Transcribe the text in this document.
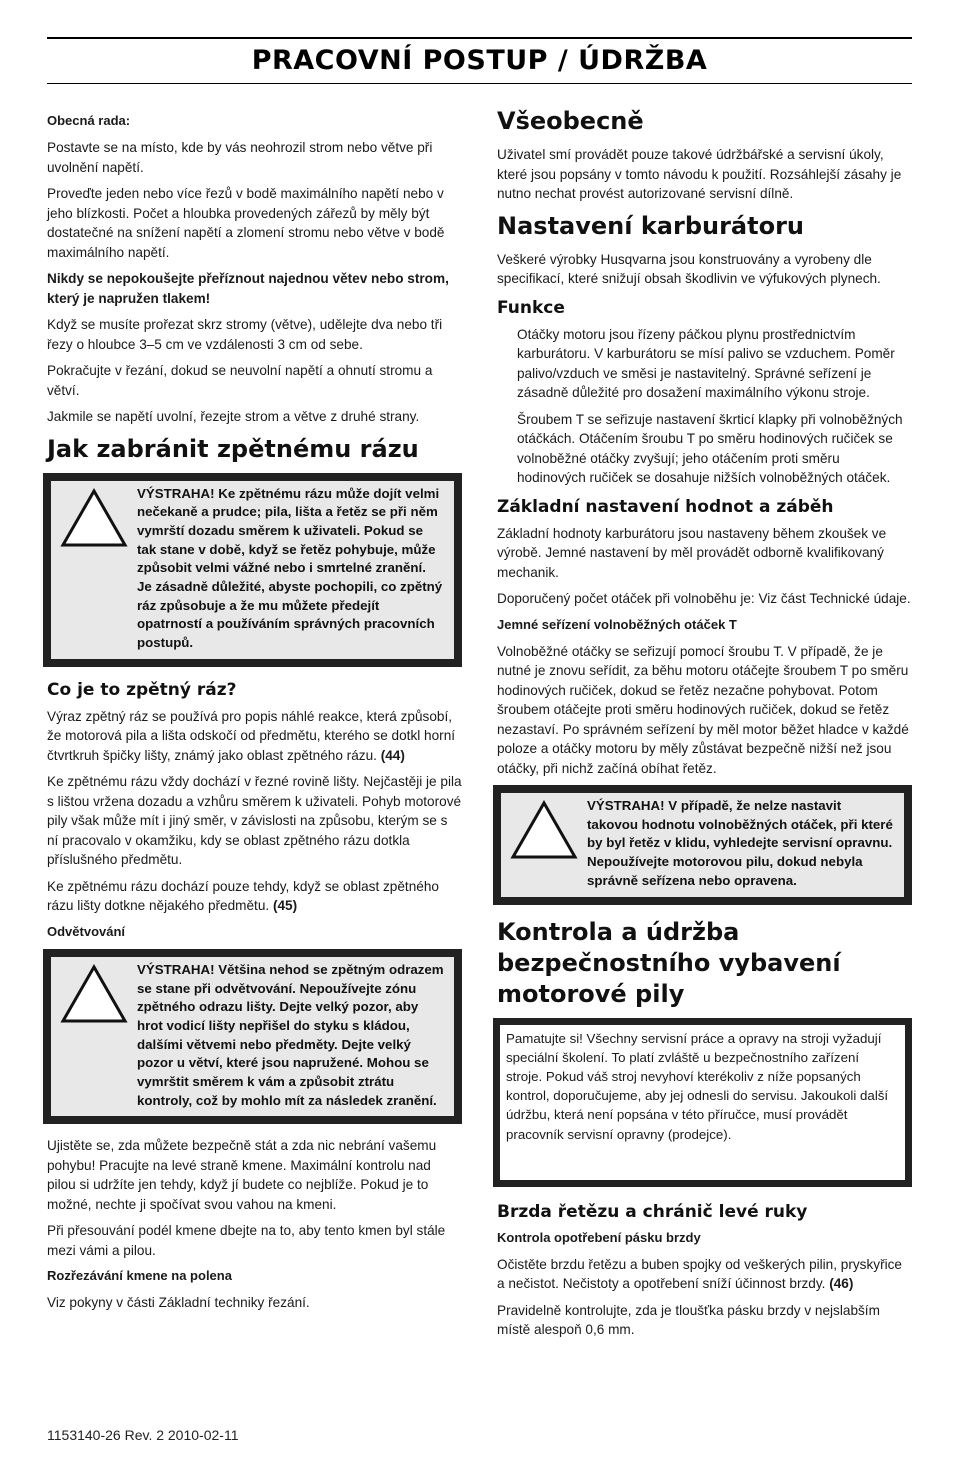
PRACOVNÍ POSTUP / ÚDRŽBA

Obecná rada:

Postavte se na místo, kde by vás neohrozil strom nebo větve při uvolnění napětí.

Proveďte jeden nebo více řezů v bodě maximálního napětí nebo v jeho blízkosti. Počet a hloubka provedených zářezů by měly být dostatečné na snížení napětí a zlomení stromu nebo větve v bodě maximálního napětí.

Nikdy se nepokoušejte přeříznout najednou větev nebo strom, který je napružen tlakem!

Když se musíte prořezat skrz stromy (větve), udělejte dva nebo tři řezy o hloubce 3–5 cm ve vzdálenosti 3 cm od sebe.

Pokračujte v řezání, dokud se neuvolní napětí a ohnutí stromu a větví.

Jakmile se napětí uvolní, řezejte strom a větve z druhé strany.

Jak zabránit zpětnému rázu
VÝSTRAHA! Ke zpětnému rázu může dojít velmi nečekaně a prudce; pila, lišta a řetěz se při něm vymrští dozadu směrem k uživateli. Pokud se tak stane v době, když se řetěz pohybuje, může způsobit velmi vážné nebo i smrtelné zranění. Je zásadně důležité, abyste pochopili, co zpětný ráz způsobuje a že mu můžete předejít opatrností a používáním správných pracovních postupů.
Co je to zpětný ráz?

Výraz zpětný ráz se používá pro popis náhlé reakce, která způsobí, že motorová pila a lišta odskočí od předmětu, kterého se dotkl horní čtvrtkruh špičky lišty, známý jako oblast zpětného rázu. (44)

Ke zpětnému rázu vždy dochází v řezné rovině lišty. Nejčastěji je pila s lištou vržena dozadu a vzhůru směrem k uživateli. Pohyb motorové pily však může mít i jiný směr, v závislosti na způsobu, kterým se s ní pracovalo v okamžiku, kdy se oblast zpětného rázu dotkla příslušného předmětu.

Ke zpětnému rázu dochází pouze tehdy, když se oblast zpětného rázu lišty dotkne nějakého předmětu. (45)

Odvětvování

VÝSTRAHA! Většina nehod se zpětným odrazem se stane při odvětvování. Nepoužívejte zónu zpětného odrazu lišty. Dejte velký pozor, aby hrot vodicí lišty nepřišel do styku s kládou, dalšími větvemi nebo předměty. Dejte velký pozor u větví, které jsou napružené. Mohou se vymrštit směrem k vám a způsobit ztrátu kontroly, což by mohlo mít za následek zranění.

Ujistěte se, zda můžete bezpečně stát a zda nic nebrání vašemu pohybu! Pracujte na levé straně kmene. Maximální kontrolu nad pilou si udržíte jen tehdy, když jí budete co nejblíže. Pokud je to možné, nechte ji spočívat svou vahou na kmeni.

Při přesouvání podél kmene dbejte na to, aby tento kmen byl stále mezi vámi a pilou.

Rozřezávání kmene na polena

Viz pokyny v části Základní techniky řezání.

Všeobecně

Uživatel smí provádět pouze takové údržbářské a servisní úkoly, které jsou popsány v tomto návodu k použití. Rozsáhlejší zásahy je nutno nechat provést autorizované servisní dílně.

Nastavení karburátoru

Veškeré výrobky Husqvarna jsou konstruovány a vyrobeny dle specifikací, které snižují obsah škodlivin ve výfukových plynech.

Funkce

Otáčky motoru jsou řízeny páčkou plynu prostřednictvím karburátoru. V karburátoru se mísí palivo se vzduchem. Poměr palivo/vzduch ve směsi je nastavitelný. Správné seřízení je zásadně důležité pro dosažení maximálního výkonu stroje.

Šroubem T se seřizuje nastavení škrticí klapky při volnoběžných otáčkách. Otáčením šroubu T po směru hodinových ručiček se volnoběžné otáčky zvyšují; jeho otáčením proti směru hodinových ručiček se dosahuje nižších volnoběžných otáček.

Základní nastavení hodnot a záběh

Základní hodnoty karburátoru jsou nastaveny během zkoušek ve výrobě. Jemné nastavení by měl provádět odborně kvalifikovaný mechanik.

Doporučený počet otáček při volnoběhu je: Viz část Technické údaje.

Jemné seřízení volnoběžných otáček T

Volnoběžné otáčky se seřizují pomocí šroubu T. V případě, že je nutné je znovu seřídit, za běhu motoru otáčejte šroubem T po směru hodinových ručiček, dokud se řetěz nezačne pohybovat. Potom šroubem otáčejte proti směru hodinových ručiček, dokud se řetěz nezastaví. Po správném seřízení by měl motor běžet hladce v každé poloze a otáčky motoru by měly zůstávat bezpečně nižší než jsou otáčky, při nichž začíná obíhat řetěz.

VÝSTRAHA! V případě, že nelze nastavit takovou hodnotu volnoběžných otáček, při které by byl řetěz v klidu, vyhledejte servisní opravnu. Nepoužívejte motorovou pilu, dokud nebyla správně seřízena nebo opravena.
Kontrola a údržba bezpečnostního vybavení motorové pily

Pamatujte si! Všechny servisní práce a opravy na stroji vyžadují speciální školení. To platí zvláště u bezpečnostního zařízení stroje. Pokud váš stroj nevyhoví kterékoliv z níže popsaných kontrol, doporučujeme, aby jej odnesli do servisu. Jakoukoli další údržbu, která není popsána v této příručce, musí provádět pracovník servisní opravny (prodejce).

Brzda řetězu a chránič levé ruky

Kontrola opotřebení pásku brzdy

Očistěte brzdu řetězu a buben spojky od veškerých pilin, pryskyřice a nečistot. Nečistoty a opotřebení sníží účinnost brzdy. (46)

Pravidelně kontrolujte, zda je tloušťka pásku brzdy v nejslabším místě alespoň 0,6 mm.

1153140-26 Rev. 2 2010-02-11
